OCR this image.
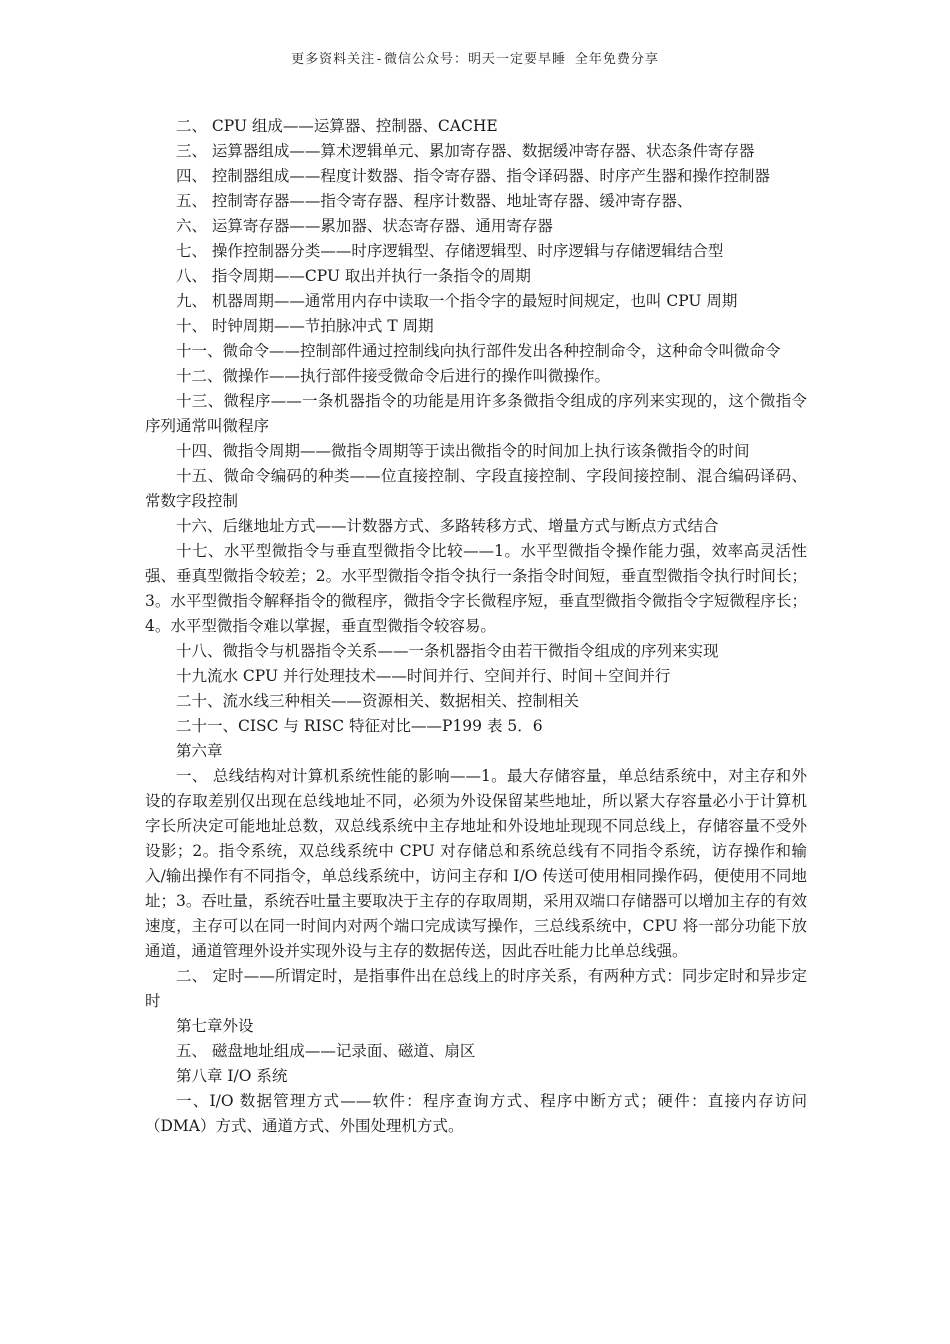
更多资料关注-微信公众号：明天一定要早睡 全年免费分享

二、 CPU 组成——运算器、控制器、CACHE

三、 运算器组成——算术逻辑单元、累加寄存器、数据缓冲寄存器、状态条件寄存器

四、 控制器组成——程度计数器、指令寄存器、指令译码器、时序产生器和操作控制器

五、 控制寄存器——指令寄存器、程序计数器、地址寄存器、缓冲寄存器、

六、 运算寄存器——累加器、状态寄存器、通用寄存器

七、 操作控制器分类——时序逻辑型、存储逻辑型、时序逻辑与存储逻辑结合型

八、 指令周期——CPU 取出并执行一条指令的周期

九、 机器周期——通常用内存中读取一个指令字的最短时间规定，也叫 CPU 周期

十、 时钟周期——节拍脉冲式 T 周期

十一、微命令——控制部件通过控制线向执行部件发出各种控制命令，这种命令叫微命令

十二、微操作——执行部件接受微命令后进行的操作叫微操作。

十三、微程序——一条机器指令的功能是用许多条微指令组成的序列来实现的，这个微指令序列通常叫微程序

十四、微指令周期——微指令周期等于读出微指令的时间加上执行该条微指令的时间

十五、微命令编码的种类——位直接控制、字段直接控制、字段间接控制、混合编码译码、常数字段控制

十六、后继地址方式——计数器方式、多路转移方式、增量方式与断点方式结合

十七、水平型微指令与垂直型微指令比较——1。水平型微指令操作能力强，效率高灵活性强、垂真型微指令较差；2。水平型微指令指令执行一条指令时间短，垂直型微指令执行时间长；3。水平型微指令解释指令的微程序，微指令字长微程序短，垂直型微指令微指令字短微程序长；4。水平型微指令难以掌握，垂直型微指令较容易。

十八、微指令与机器指令关系——一条机器指令由若干微指令组成的序列来实现

十九流水 CPU 并行处理技术——时间并行、空间并行、时间＋空间并行

二十、流水线三种相关——资源相关、数据相关、控制相关

二十一、CISC 与 RISC 特征对比——P199 表 5．6

第六章

一、 总线结构对计算机系统性能的影响——1。最大存储容量，单总结系统中，对主存和外设的存取差别仅出现在总线地址不同，必须为外设保留某些地址，所以紧大存容量必小于计算机字长所决定可能地址总数，双总线系统中主存地址和外设地址现现不同总线上，存储容量不受外设影；2。指令系统，双总线系统中 CPU 对存储总和系统总线有不同指令系统，访存操作和输入/输出操作有不同指令，单总线系统中，访问主存和 I/O 传送可使用相同操作码，便使用不同地址；3。吞吐量，系统吞吐量主要取决于主存的存取周期，采用双端口存储器可以增加主存的有效速度，主存可以在同一时间内对两个端口完成读写操作，三总线系统中，CPU 将一部分功能下放通道，通道管理外设并实现外设与主存的数据传送，因此吞吐能力比单总线强。

二、 定时——所谓定时，是指事件出在总线上的时序关系，有两种方式：同步定时和异步定时

第七章外设

五、 磁盘地址组成——记录面、磁道、扇区

第八章 I/O 系统

一、I/O 数据管理方式——软件：程序查询方式、程序中断方式；硬件：直接内存访问（DMA）方式、通道方式、外围处理机方式。
